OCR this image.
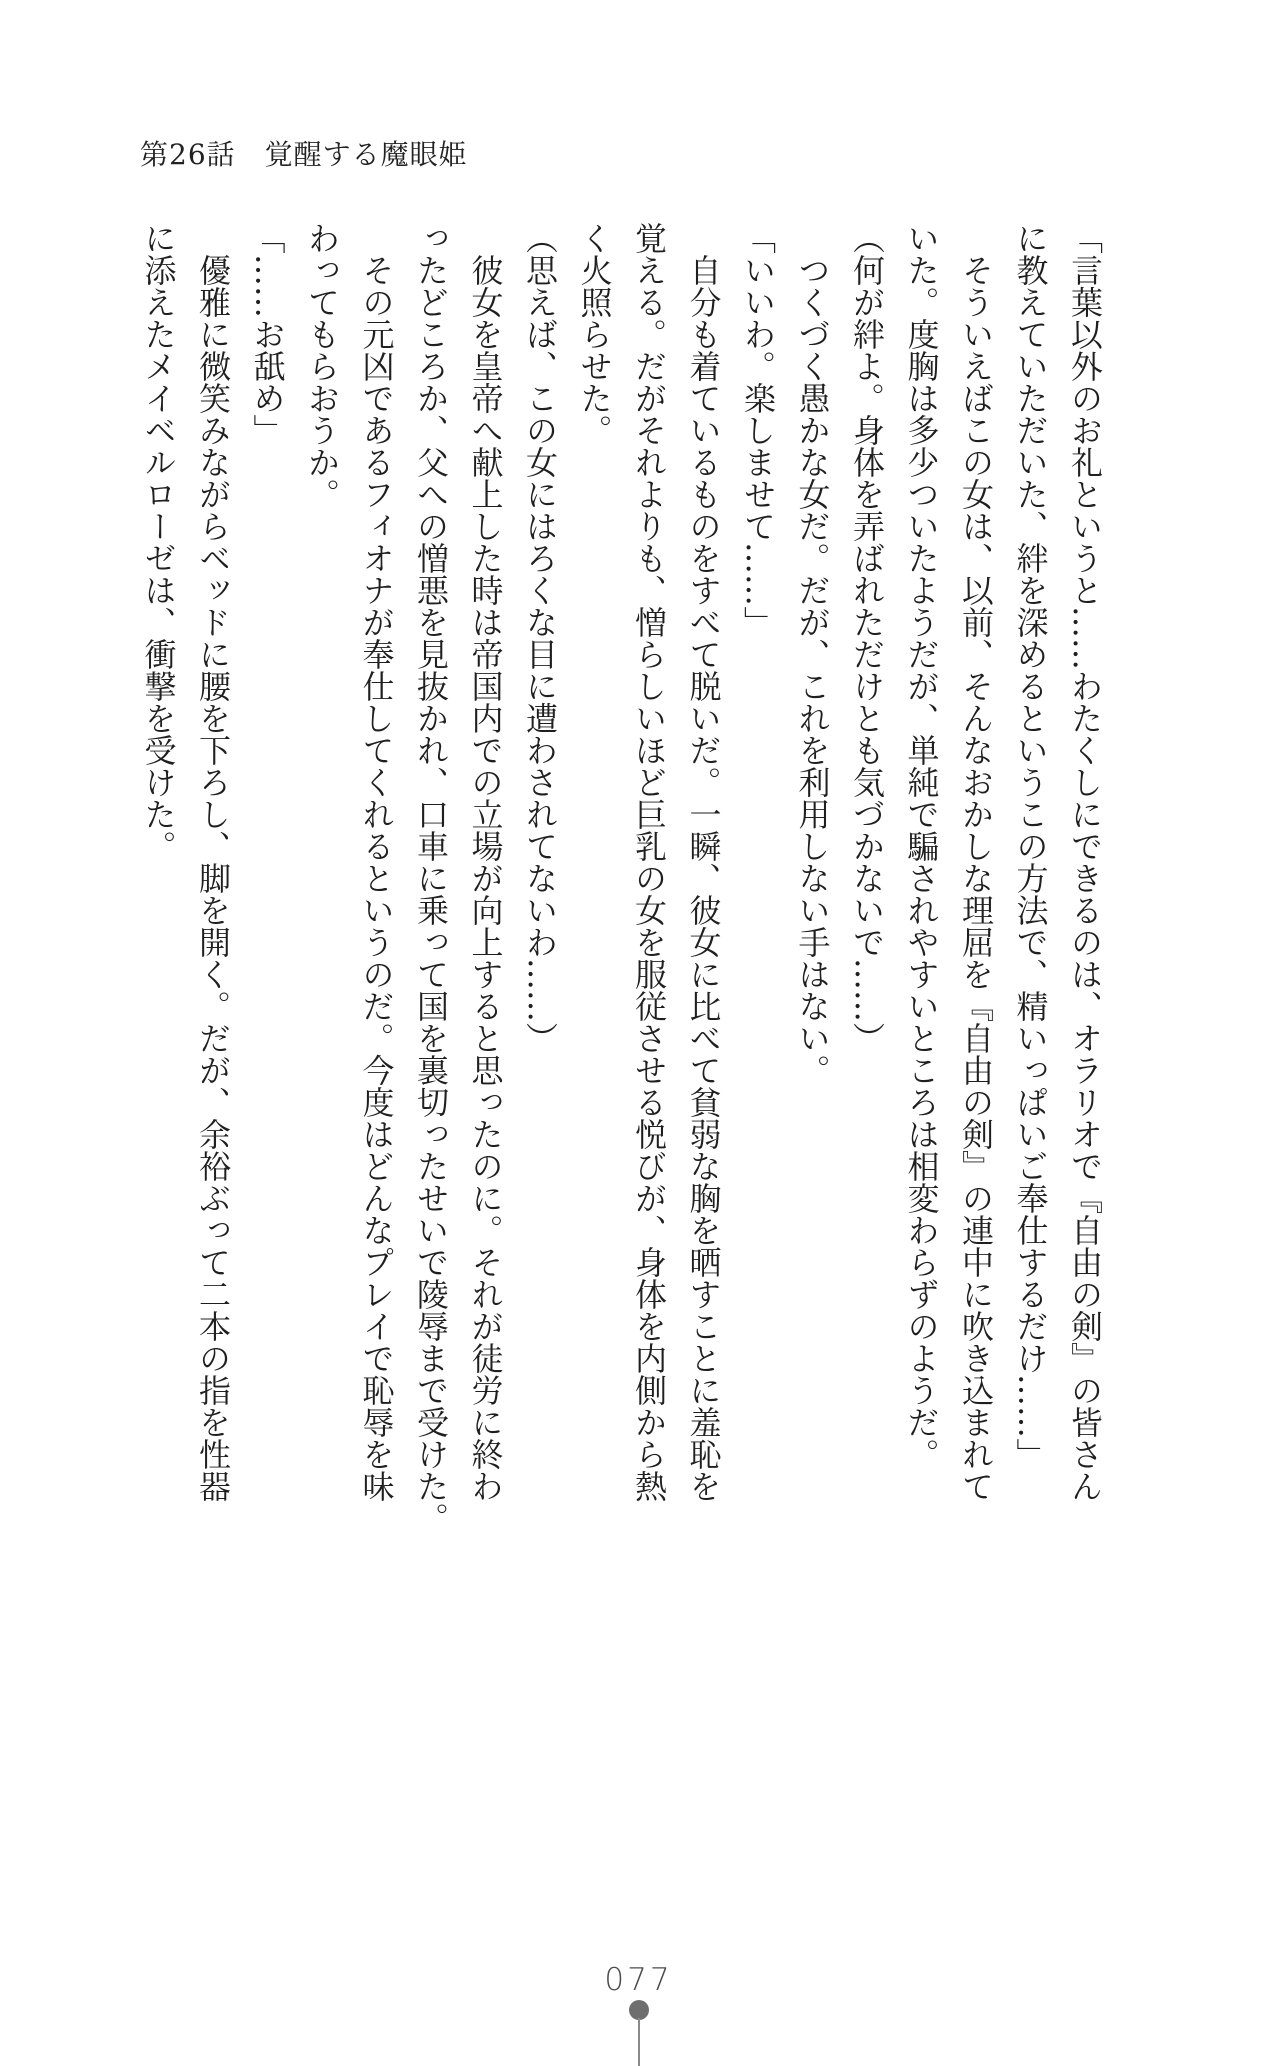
第26話　覚醒する魔眼姫

「言葉以外のお礼というと……わたくしにできるのは、オラリオで『自由の剣』の皆さん

に教えていただいた、絆を深めるというこの方法で、精いっぱいご奉仕するだけ……」

そういえばこの女は、以前、そんなおかしな理屈を『自由の剣』の連中に吹き込まれて

いた。度胸は多少ついたようだが、単純で騙されやすいところは相変わらずのようだ。

（何が絆よ。身体を弄ばれただけとも気づかないで……）

つくづく愚かな女だ。だが、これを利用しない手はない。

「いいわ。楽しませて……」

自分も着ているものをすべて脱いだ。一瞬、彼女に比べて貧弱な胸を晒すことに羞恥を

覚える。だがそれよりも、憎らしいほど巨乳の女を服従させる悦びが、身体を内側から熱

く火照らせた。

（思えば、この女にはろくな目に遭わされてないわ……）

彼女を皇帝へ献上した時は帝国内での立場が向上すると思ったのに。それが徒労に終わ

ったどころか、父への憎悪を見抜かれ、口車に乗って国を裏切ったせいで陵辱まで受けた。

その元凶であるフィオナが奉仕してくれるというのだ。今度はどんなプレイで恥辱を味

わってもらおうか。

「……お舐め」

優雅に微笑みながらベッドに腰を下ろし、脚を開く。だが、余裕ぶって二本の指を性器

に添えたメイベルローゼは、衝撃を受けた。

077
